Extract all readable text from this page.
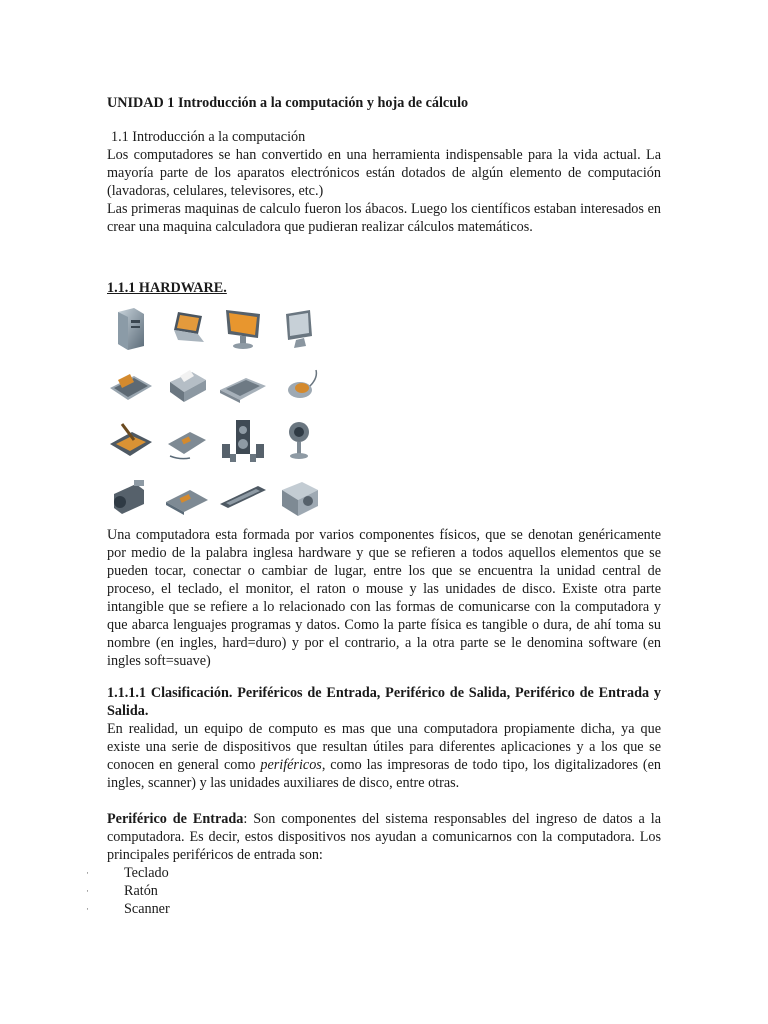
UNIDAD 1 Introducción a la computación y hoja de cálculo

1.1 Introducción a la computación

Los computadores se han convertido en una herramienta indispensable para la vida actual. La mayoría parte de los aparatos electrónicos están dotados de algún elemento de computación (lavadoras, celulares, televisores, etc.)

Las primeras maquinas de calculo fueron los ábacos. Luego los científicos estaban interesados en crear una maquina calculadora que pudieran realizar cálculos matemáticos.

1.1.1 HARDWARE.

Una computadora esta formada por varios componentes físicos, que se denotan genéricamente por medio de la palabra inglesa hardware y que se refieren a todos aquellos elementos que se pueden tocar, conectar o cambiar de lugar, entre los que se encuentra la unidad central de proceso, el teclado, el monitor, el raton o mouse y las unidades de disco. Existe otra parte intangible que se refiere a lo relacionado con las formas de comunicarse con la computadora y que abarca lenguajes programas y datos. Como la parte física es tangible o dura, de ahí toma su nombre (en ingles, hard=duro) y por el contrario, a la otra parte se le denomina software (en ingles soft=suave)

1.1.1.1 Clasificación. Periféricos de Entrada, Periférico de Salida, Periférico de Entrada y Salida.

En realidad, un equipo de computo es mas que una computadora propiamente dicha, ya que existe una serie de dispositivos que resultan útiles para diferentes aplicaciones y a los que se conocen en general como periféricos, como las impresoras de todo tipo, los digitalizadores (en ingles, scanner) y las unidades auxiliares de disco, entre otras.

Periférico de Entrada: Son componentes del sistema responsables del ingreso de datos a la computadora. Es decir, estos dispositivos nos ayudan a comunicarnos con la computadora. Los principales periféricos de entrada son:

· Teclado
· Ratón
· Scanner
